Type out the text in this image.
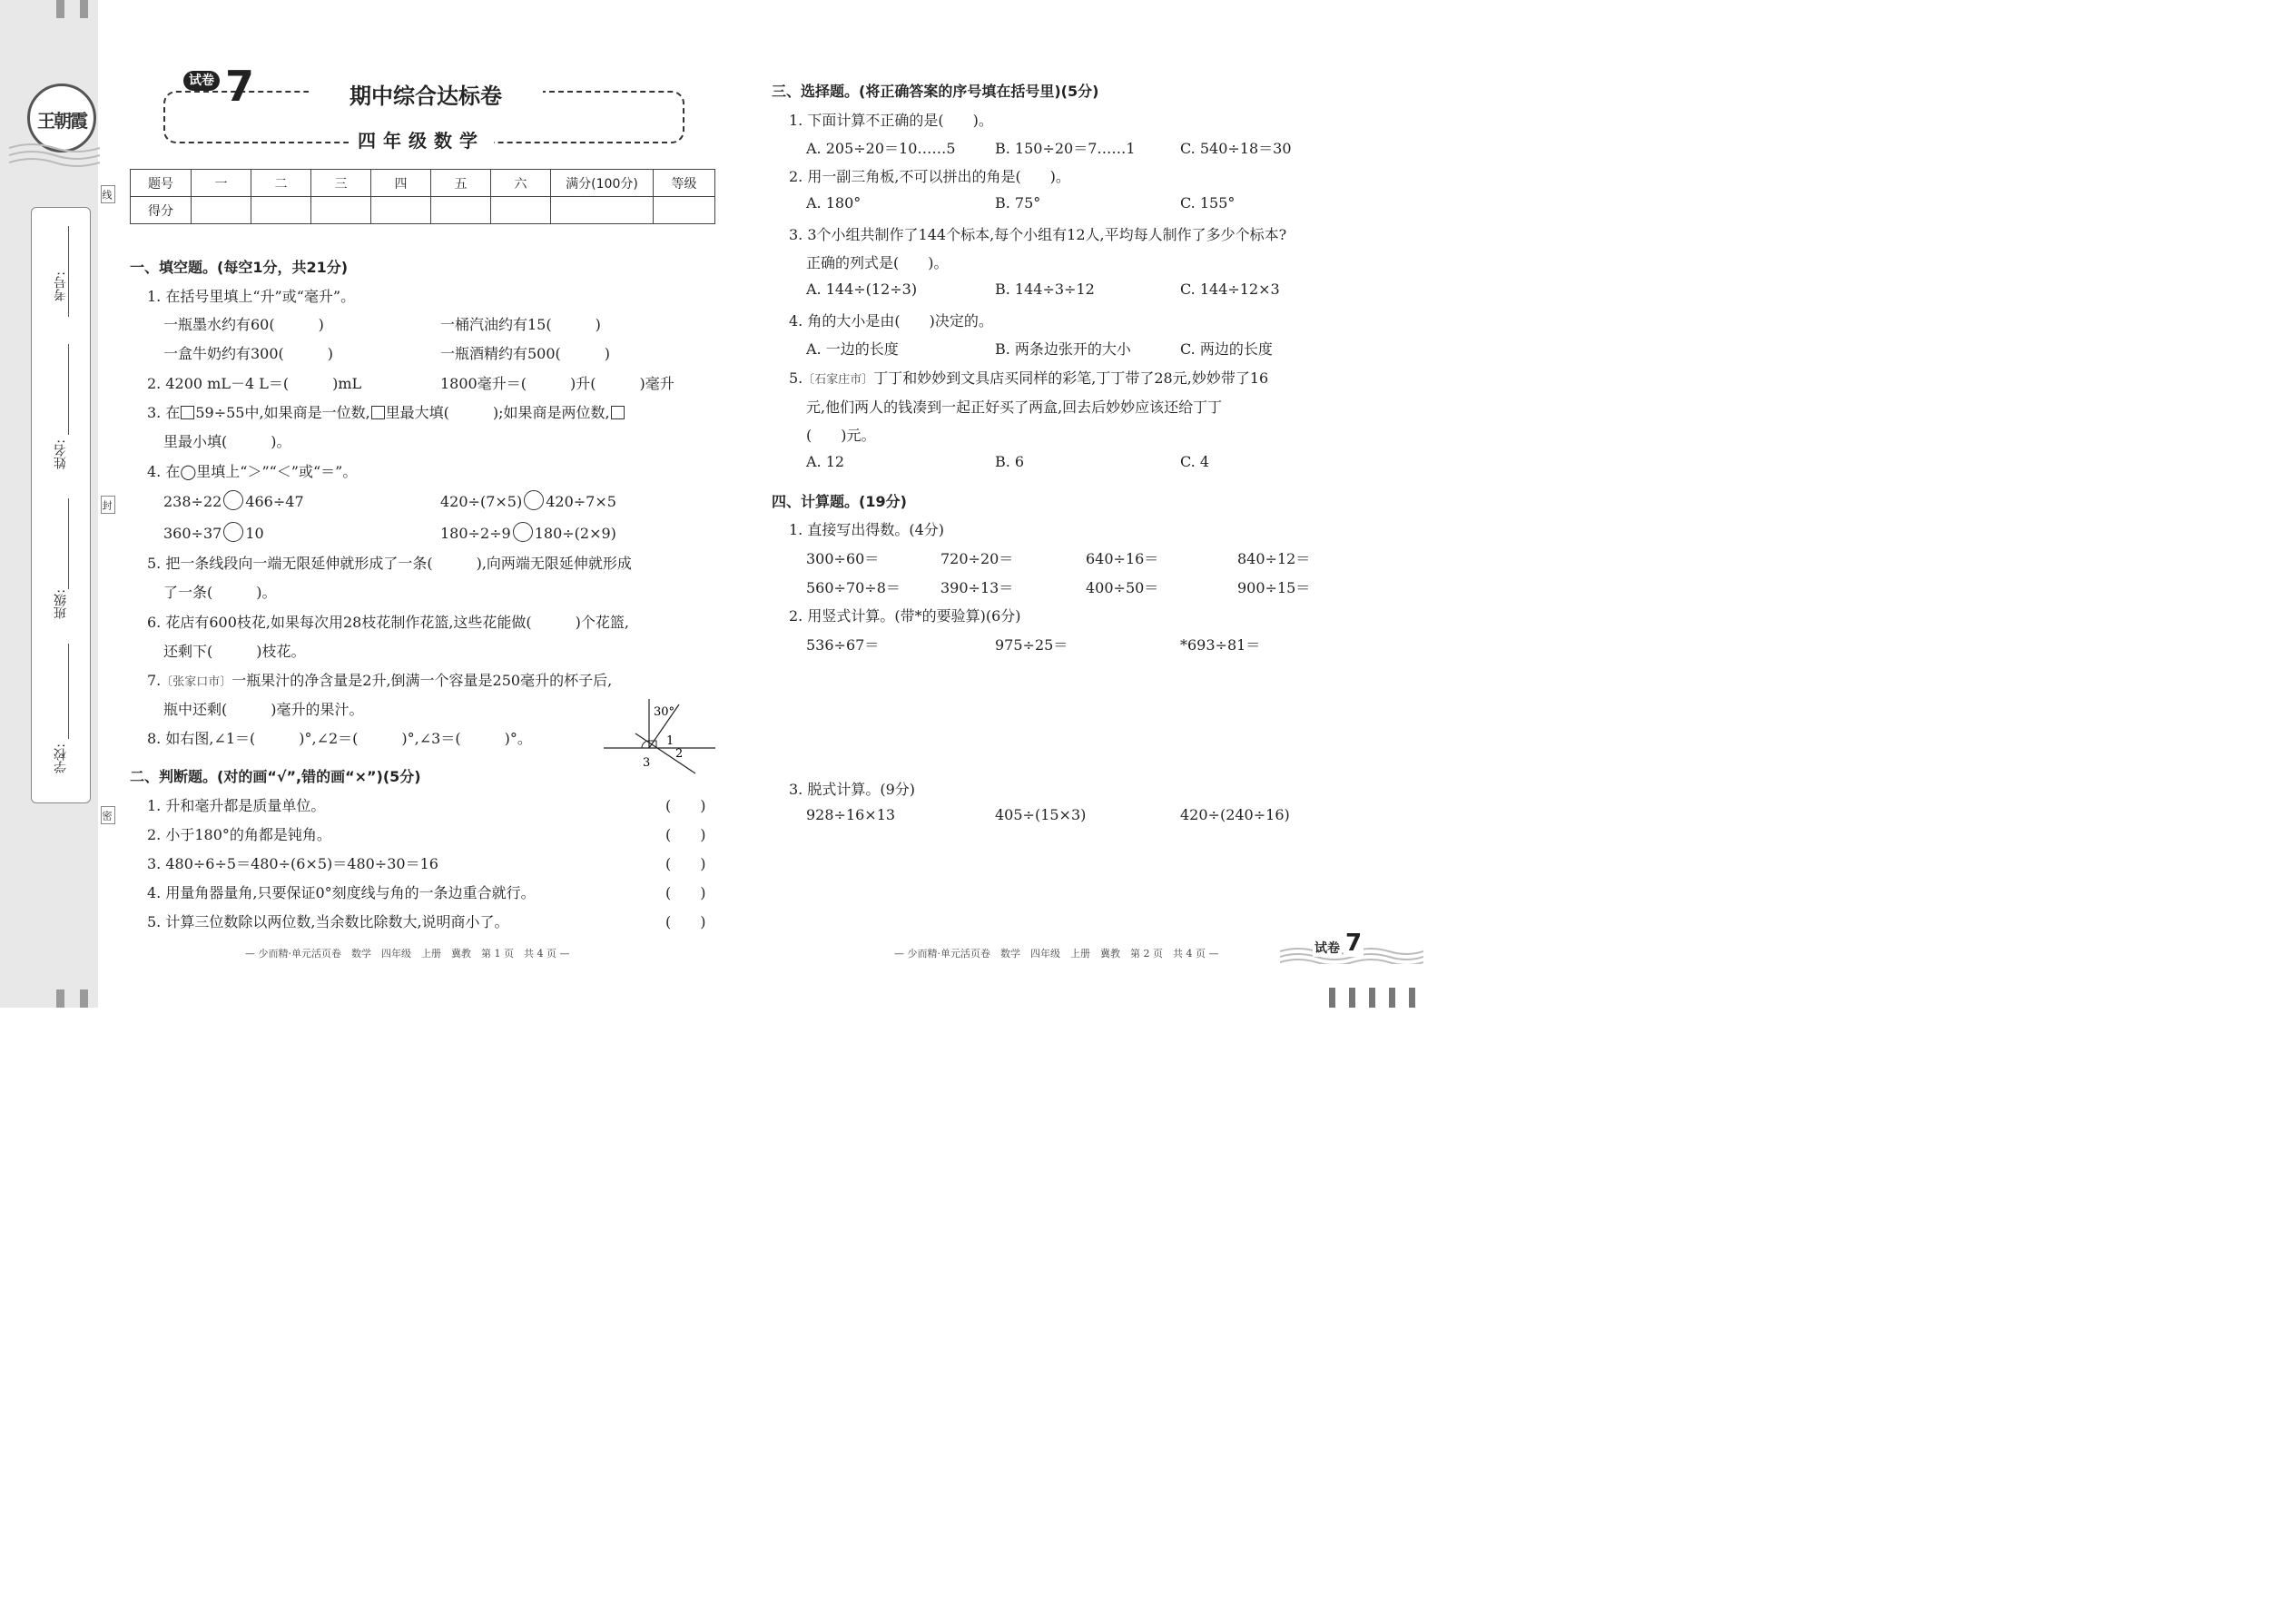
王朝霞
考号:
姓名:
班级:
学校:
线
封
密
试卷 7	期中综合达标卷
四年级数学
题号	一	二	三	四	五	六	满分(100分)	等级
得分								
一、填空题。(每空1分，共21分)
1. 在括号里填上“升”或“毫升”。
一瓶墨水约有60(　　　)	一桶汽油约有15(　　　)
一盒牛奶约有300(　　　)	一瓶酒精约有500(　　　)
2. 4200 mL－4 L＝(　　　)mL	1800毫升＝(　　　)升(　　　)毫升
3. 在 59÷55中,如果商是一位数, 里最大填(　　　);如果商是两位数,
里最小填(　　　)。
4. 在◯里填上“＞”“＜”或“＝”。
238÷22 466÷47	420÷(7×5) 420÷7×5
360÷37 10	180÷2÷9 180÷(2×9)
5. 把一条线段向一端无限延伸就形成了一条(　　　),向两端无限延伸就形成
了一条(　　　)。
6. 花店有600枝花,如果每次用28枝花制作花篮,这些花能做(　　　)个花篮,
还剩下(　　　)枝花。
7.〔张家口市〕一瓶果汁的净含量是2升,倒满一个容量是250毫升的杯子后,
瓶中还剩(　　　)毫升的果汁。
8. 如右图,∠1＝(　　　)°,∠2＝(　　　)°,∠3＝(　　　)°。
30°
1
2
3
二、判断题。(对的画“√”,错的画“×”)(5分)
1. 升和毫升都是质量单位。	(　　)
2. 小于180°的角都是钝角。	(　　)
3. 480÷6÷5＝480÷(6×5)＝480÷30＝16	(　　)
4. 用量角器量角,只要保证0°刻度线与角的一条边重合就行。	(　　)
5. 计算三位数除以两位数,当余数比除数大,说明商小了。	(　　)
— 少而精·单元活页卷　数学　四年级　上册　冀教　第 1 页　共 4 页 —
三、选择题。(将正确答案的序号填在括号里)(5分)
1. 下面计算不正确的是(　　)。
A. 205÷20＝10……5	B. 150÷20＝7……1	C. 540÷18＝30
2. 用一副三角板,不可以拼出的角是(　　)。
A. 180°	B. 75°	C. 155°
3. 3个小组共制作了144个标本,每个小组有12人,平均每人制作了多少个标本?
正确的列式是(　　)。
A. 144÷(12÷3)	B. 144÷3÷12	C. 144÷12×3
4. 角的大小是由(　　)决定的。
A. 一边的长度	B. 两条边张开的大小	C. 两边的长度
5.〔石家庄市〕丁丁和妙妙到文具店买同样的彩笔,丁丁带了28元,妙妙带了16
元,他们两人的钱凑到一起正好买了两盒,回去后妙妙应该还给丁丁
(　　)元。
A. 12	B. 6	C. 4
四、计算题。(19分)
1. 直接写出得数。(4分)
300÷60＝	720÷20＝	640÷16＝	840÷12＝
560÷70÷8＝	390÷13＝	400÷50＝	900÷15＝
2. 用竖式计算。(带*的要验算)(6分)
536÷67＝	975÷25＝	*693÷81＝
3. 脱式计算。(9分)
928÷16×13	405÷(15×3)	420÷(240÷16)
— 少而精·单元活页卷　数学　四年级　上册　冀教　第 2 页　共 4 页 —	试卷 7
